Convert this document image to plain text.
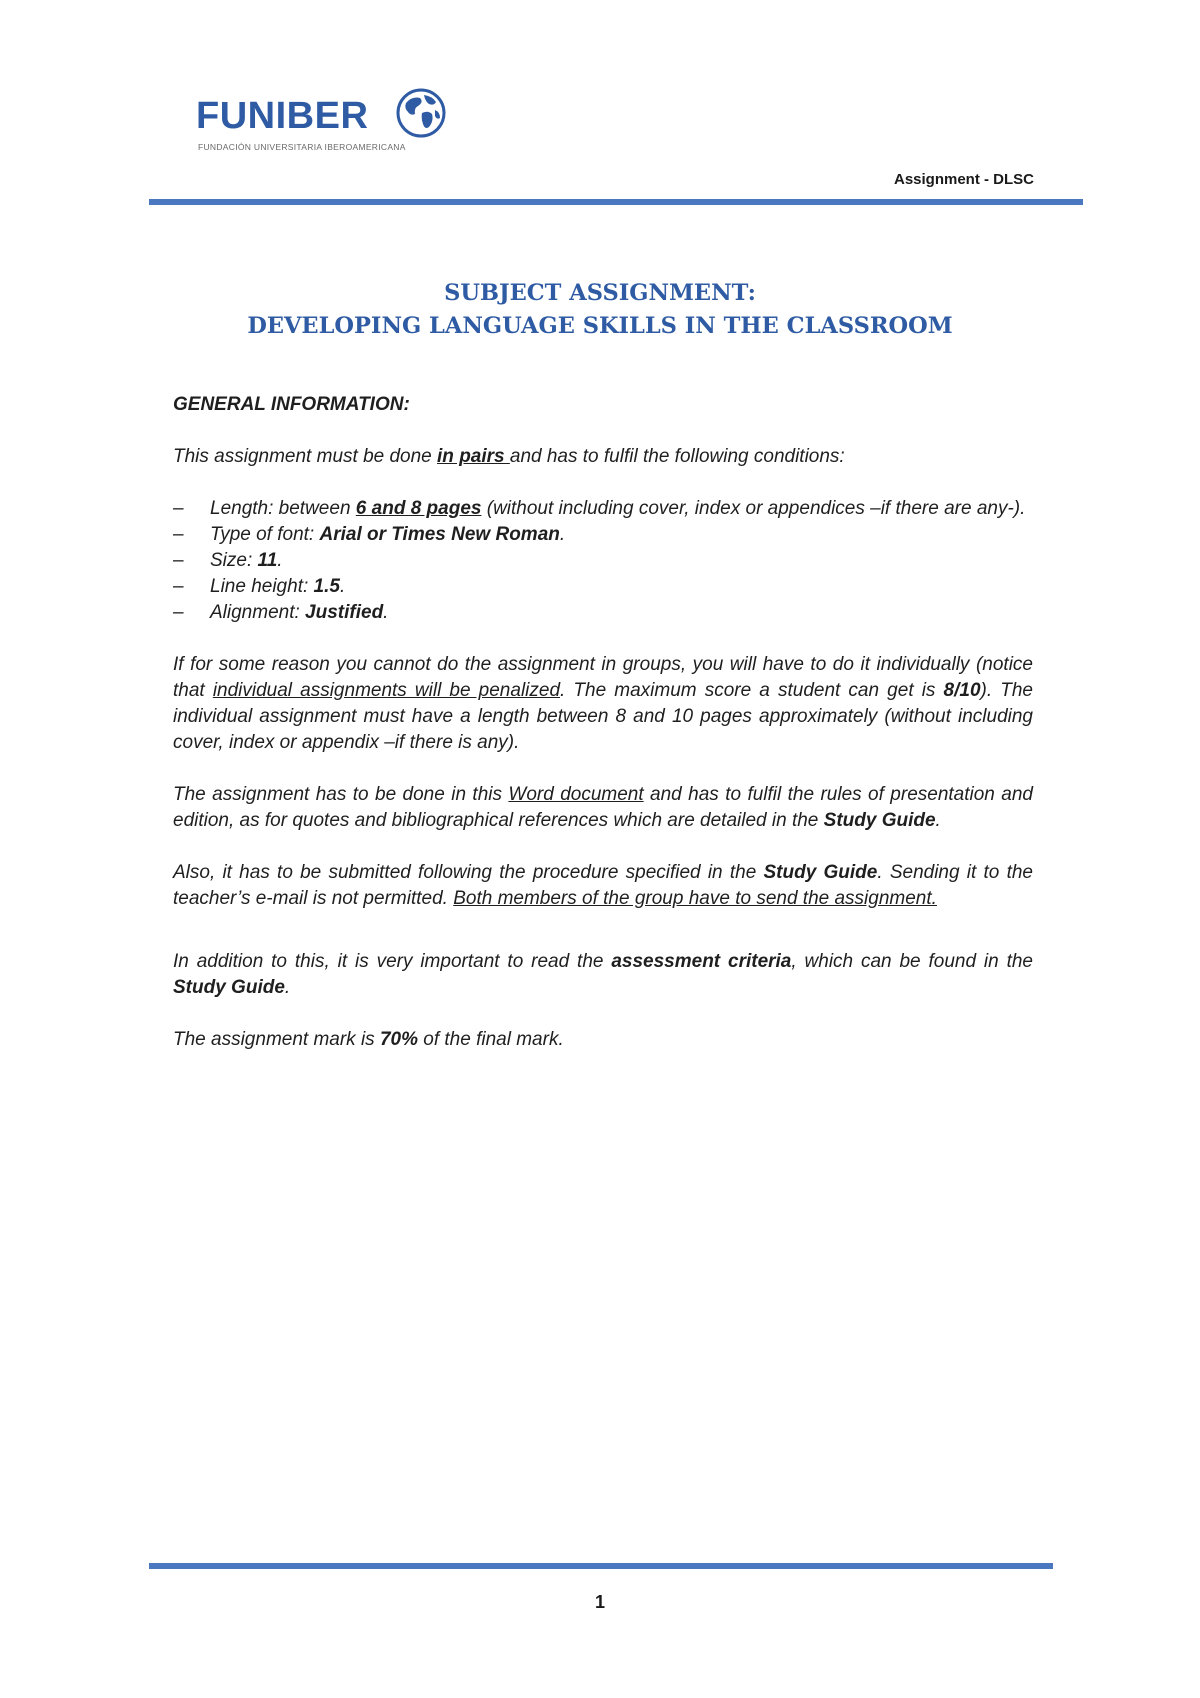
FUNIBER
FUNDACIÓN UNIVERSITARIA IBEROAMERICANA
Assignment - DLSC
SUBJECT ASSIGNMENT:
DEVELOPING LANGUAGE SKILLS IN THE CLASSROOM

GENERAL INFORMATION:

This assignment must be done in pairs and has to fulfil the following conditions:

– Length: between 6 and 8 pages (without including cover, index or appendices –if there are any-).
– Type of font: Arial or Times New Roman.
– Size: 11.
– Line height: 1.5.
– Alignment: Justified.

If for some reason you cannot do the assignment in groups, you will have to do it individually (notice that individual assignments will be penalized. The maximum score a student can get is 8/10). The individual assignment must have a length between 8 and 10 pages approximately (without including cover, index or appendix –if there is any).

The assignment has to be done in this Word document and has to fulfil the rules of presentation and edition, as for quotes and bibliographical references which are detailed in the Study Guide.

Also, it has to be submitted following the procedure specified in the Study Guide. Sending it to the teacher’s e-mail is not permitted. Both members of the group have to send the assignment.

In addition to this, it is very important to read the assessment criteria, which can be found in the Study Guide.

The assignment mark is 70% of the final mark.

1
